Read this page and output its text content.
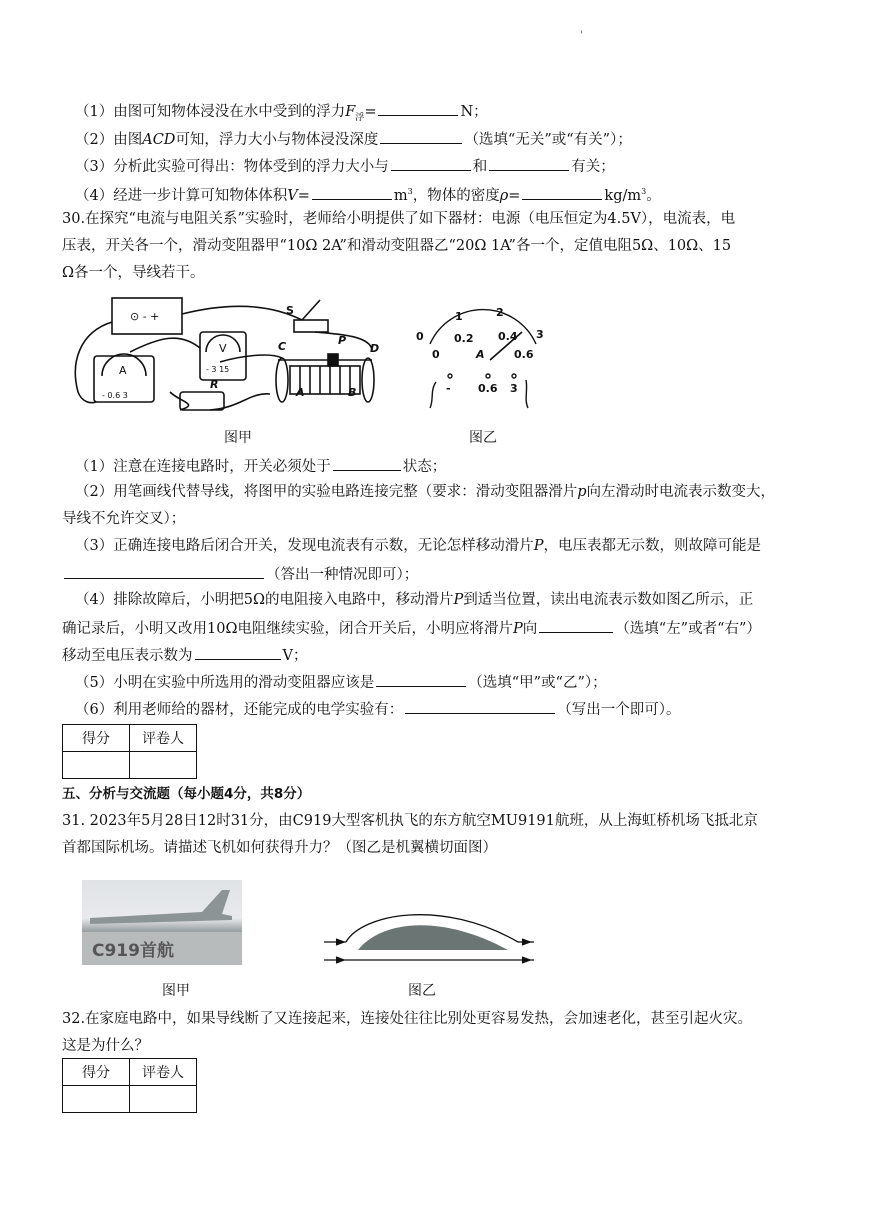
'
（1）由图可知物体浸没在水中受到的浮力$F_浮=$	N；
（2）由图ACD可知，浮力大小与物体浸没深度	（选填“无关”或“有关”）；
（3）分析此实验可得出：物体受到的浮力大小与	和	有关；
（4）经进一步计算可知物体体积V=	$m^3$，物体的密度ρ=	$kg/m^3$。
30.在探究“电流与电阻关系”实验时，老师给小明提供了如下器材：电源（电压恒定为4.5V），电流表，电
压表，开关各一个，滑动变阻器甲“10Ω 2A”和滑动变阻器乙“20Ω 1A”各一个，定值电阻5Ω、10Ω、15
Ω各一个，导线若干。
⊙ - +
A
- 0.6 3
V
- 3 15
S
R
C	P
D
A	B
图甲
0
1	2
3
0
0.2 0.4
0.6
A
- 0.6 3
图乙
（1）注意在连接电路时，开关必须处于	状态；
（2）用笔画线代替导线，将图甲的实验电路连接完整（要求：滑动变阻器滑片p向左滑动时电流表示数变大，
导线不允许交叉）；
（3）正确连接电路后闭合开关，发现电流表有示数，无论怎样移动滑片P，电压表都无示数，则故障可能是
（答出一种情况即可）；
（4）排除故障后，小明把5Ω的电阻接入电路中，移动滑片P到适当位置，读出电流表示数如图乙所示，正
确记录后，小明又改用10Ω电阻继续实验，闭合开关后，小明应将滑片P向	（选填“左”或者“右”）
移动至电压表示数为	V；
（5）小明在实验中所选用的滑动变阻器应该是	（选填“甲”或“乙”）；
（6）利用老师给的器材，还能完成的电学实验有：	（写出一个即可）。
得分	评卷人

五、分析与交流题（每小题4分，共8分）
31. 2023年5月28日12时31分，由C919大型客机执飞的东方航空MU9191航班，从上海虹桥机场飞抵北京
首都国际机场。请描述飞机如何获得升力？（图乙是机翼横切面图）
C919首航
图甲	图乙
32.在家庭电路中，如果导线断了又连接起来，连接处往往比别处更容易发热，会加速老化，甚至引起火灾。
这是为什么？
得分	评卷人
